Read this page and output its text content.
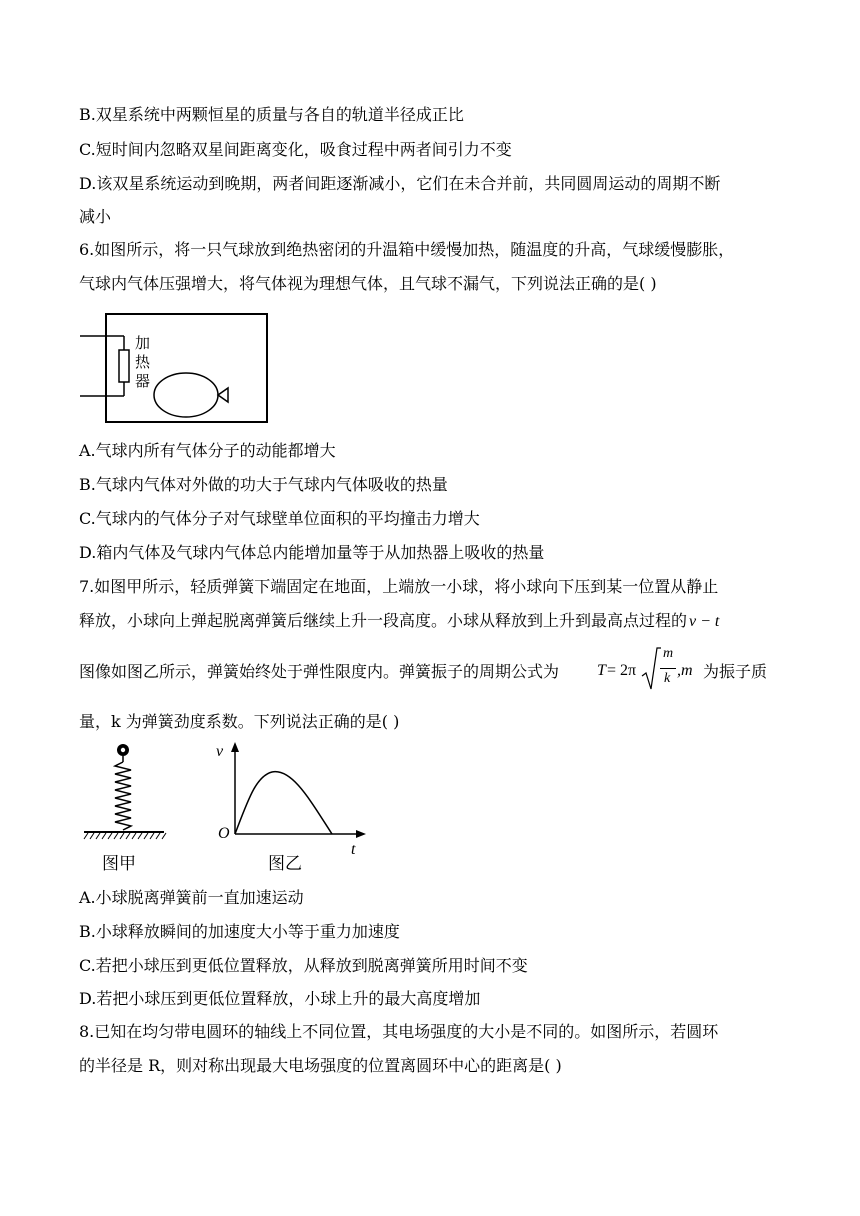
B.双星系统中两颗恒星的质量与各自的轨道半径成正比
C.短时间内忽略双星间距离变化，吸食过程中两者间引力不变
D.该双星系统运动到晚期，两者间距逐渐减小，它们在未合并前，共同圆周运动的周期不断
减小
6.如图所示，将一只气球放到绝热密闭的升温箱中缓慢加热，随温度的升高，气球缓慢膨胀，
气球内气体压强增大，将气体视为理想气体，且气球不漏气，下列说法正确的是( )
加
热
器
A.气球内所有气体分子的动能都增大
B.气球内气体对外做的功大于气球内气体吸收的热量
C.气球内的气体分子对气球壁单位面积的平均撞击力增大
D.箱内气体及气球内气体总内能增加量等于从加热器上吸收的热量
7.如图甲所示，轻质弹簧下端固定在地面，上端放一小球，将小球向下压到某一位置从静止
释放，小球向上弹起脱离弹簧后继续上升一段高度。小球从释放到上升到最高点过程的 v − t
图像如图乙所示，弹簧始终处于弹性限度内。弹簧振子的周期公式为 T = 2π
m
k ,m 为振子质
量，k 为弹簧劲度系数。下列说法正确的是( )
图甲
v
t
O
图乙
A.小球脱离弹簧前一直加速运动
B.小球释放瞬间的加速度大小等于重力加速度
C.若把小球压到更低位置释放，从释放到脱离弹簧所用时间不变
D.若把小球压到更低位置释放，小球上升的最大高度增加
8.已知在均匀带电圆环的轴线上不同位置，其电场强度的大小是不同的。如图所示，若圆环
的半径是 R，则对称出现最大电场强度的位置离圆环中心的距离是( )
